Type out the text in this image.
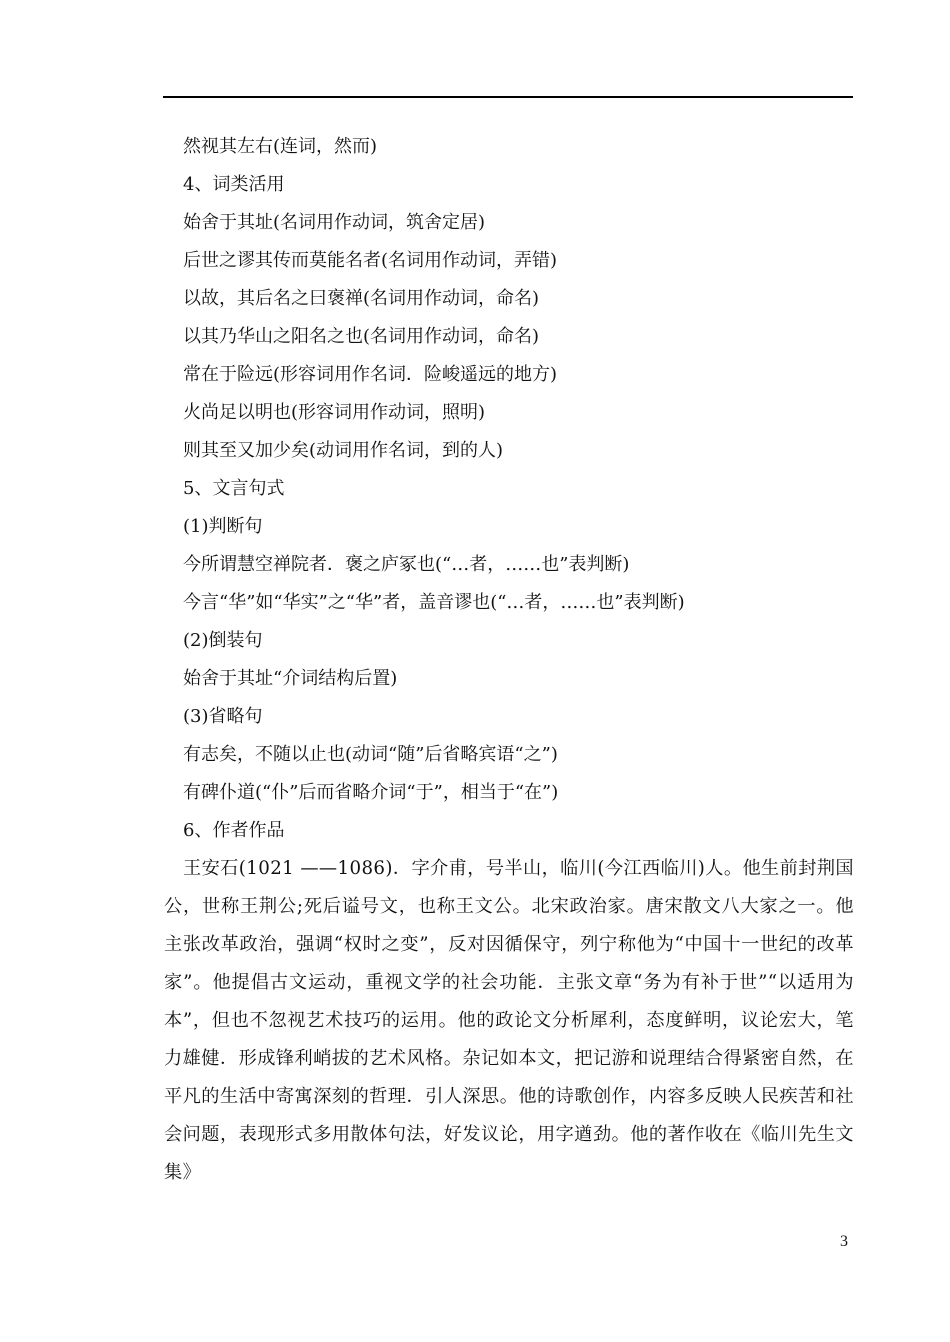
然视其左右(连词，然而)
4、词类活用
始舍于其址(名词用作动词，筑舍定居)
后世之谬其传而莫能名者(名词用作动词，弄错)
以故，其后名之曰褒禅(名词用作动词，命名)
以其乃华山之阳名之也(名词用作动词，命名)
常在于险远(形容词用作名词．险峻遥远的地方)
火尚足以明也(形容词用作动词，照明)
则其至又加少矣(动词用作名词，到的人)
5、文言句式
(1)判断句
今所谓慧空禅院者．褒之庐冢也(“…者，……也”表判断)
今言“华”如“华实”之“华”者，盖音谬也(“…者，……也”表判断)
(2)倒装句
始舍于其址“介词结构后置)
(3)省略句
有志矣，不随以止也(动词“随”后省略宾语“之”)
有碑仆道(“仆”后而省略介词“于”，相当于“在”)
6、作者作品

王安石(1021 ——1086)．字介甫，号半山，临川(今江西临川)人。他生前封荆国公，世称王荆公;死后谥号文，也称王文公。北宋政治家。唐宋散文八大家之一。他主张改革政治，强调“权时之变”，反对因循保守，列宁称他为“中国十一世纪的改革家”。他提倡古文运动，重视文学的社会功能．主张文章“务为有补于世”“以适用为本”，但也不忽视艺术技巧的运用。他的政论文分析犀利，态度鲜明，议论宏大，笔力雄健．形成锋利峭拔的艺术风格。杂记如本文，把记游和说理结合得紧密自然，在平凡的生活中寄寓深刻的哲理．引人深思。他的诗歌创作，内容多反映人民疾苦和社会问题，表现形式多用散体句法，好发议论，用字遒劲。他的著作收在《临川先生文集》

3
